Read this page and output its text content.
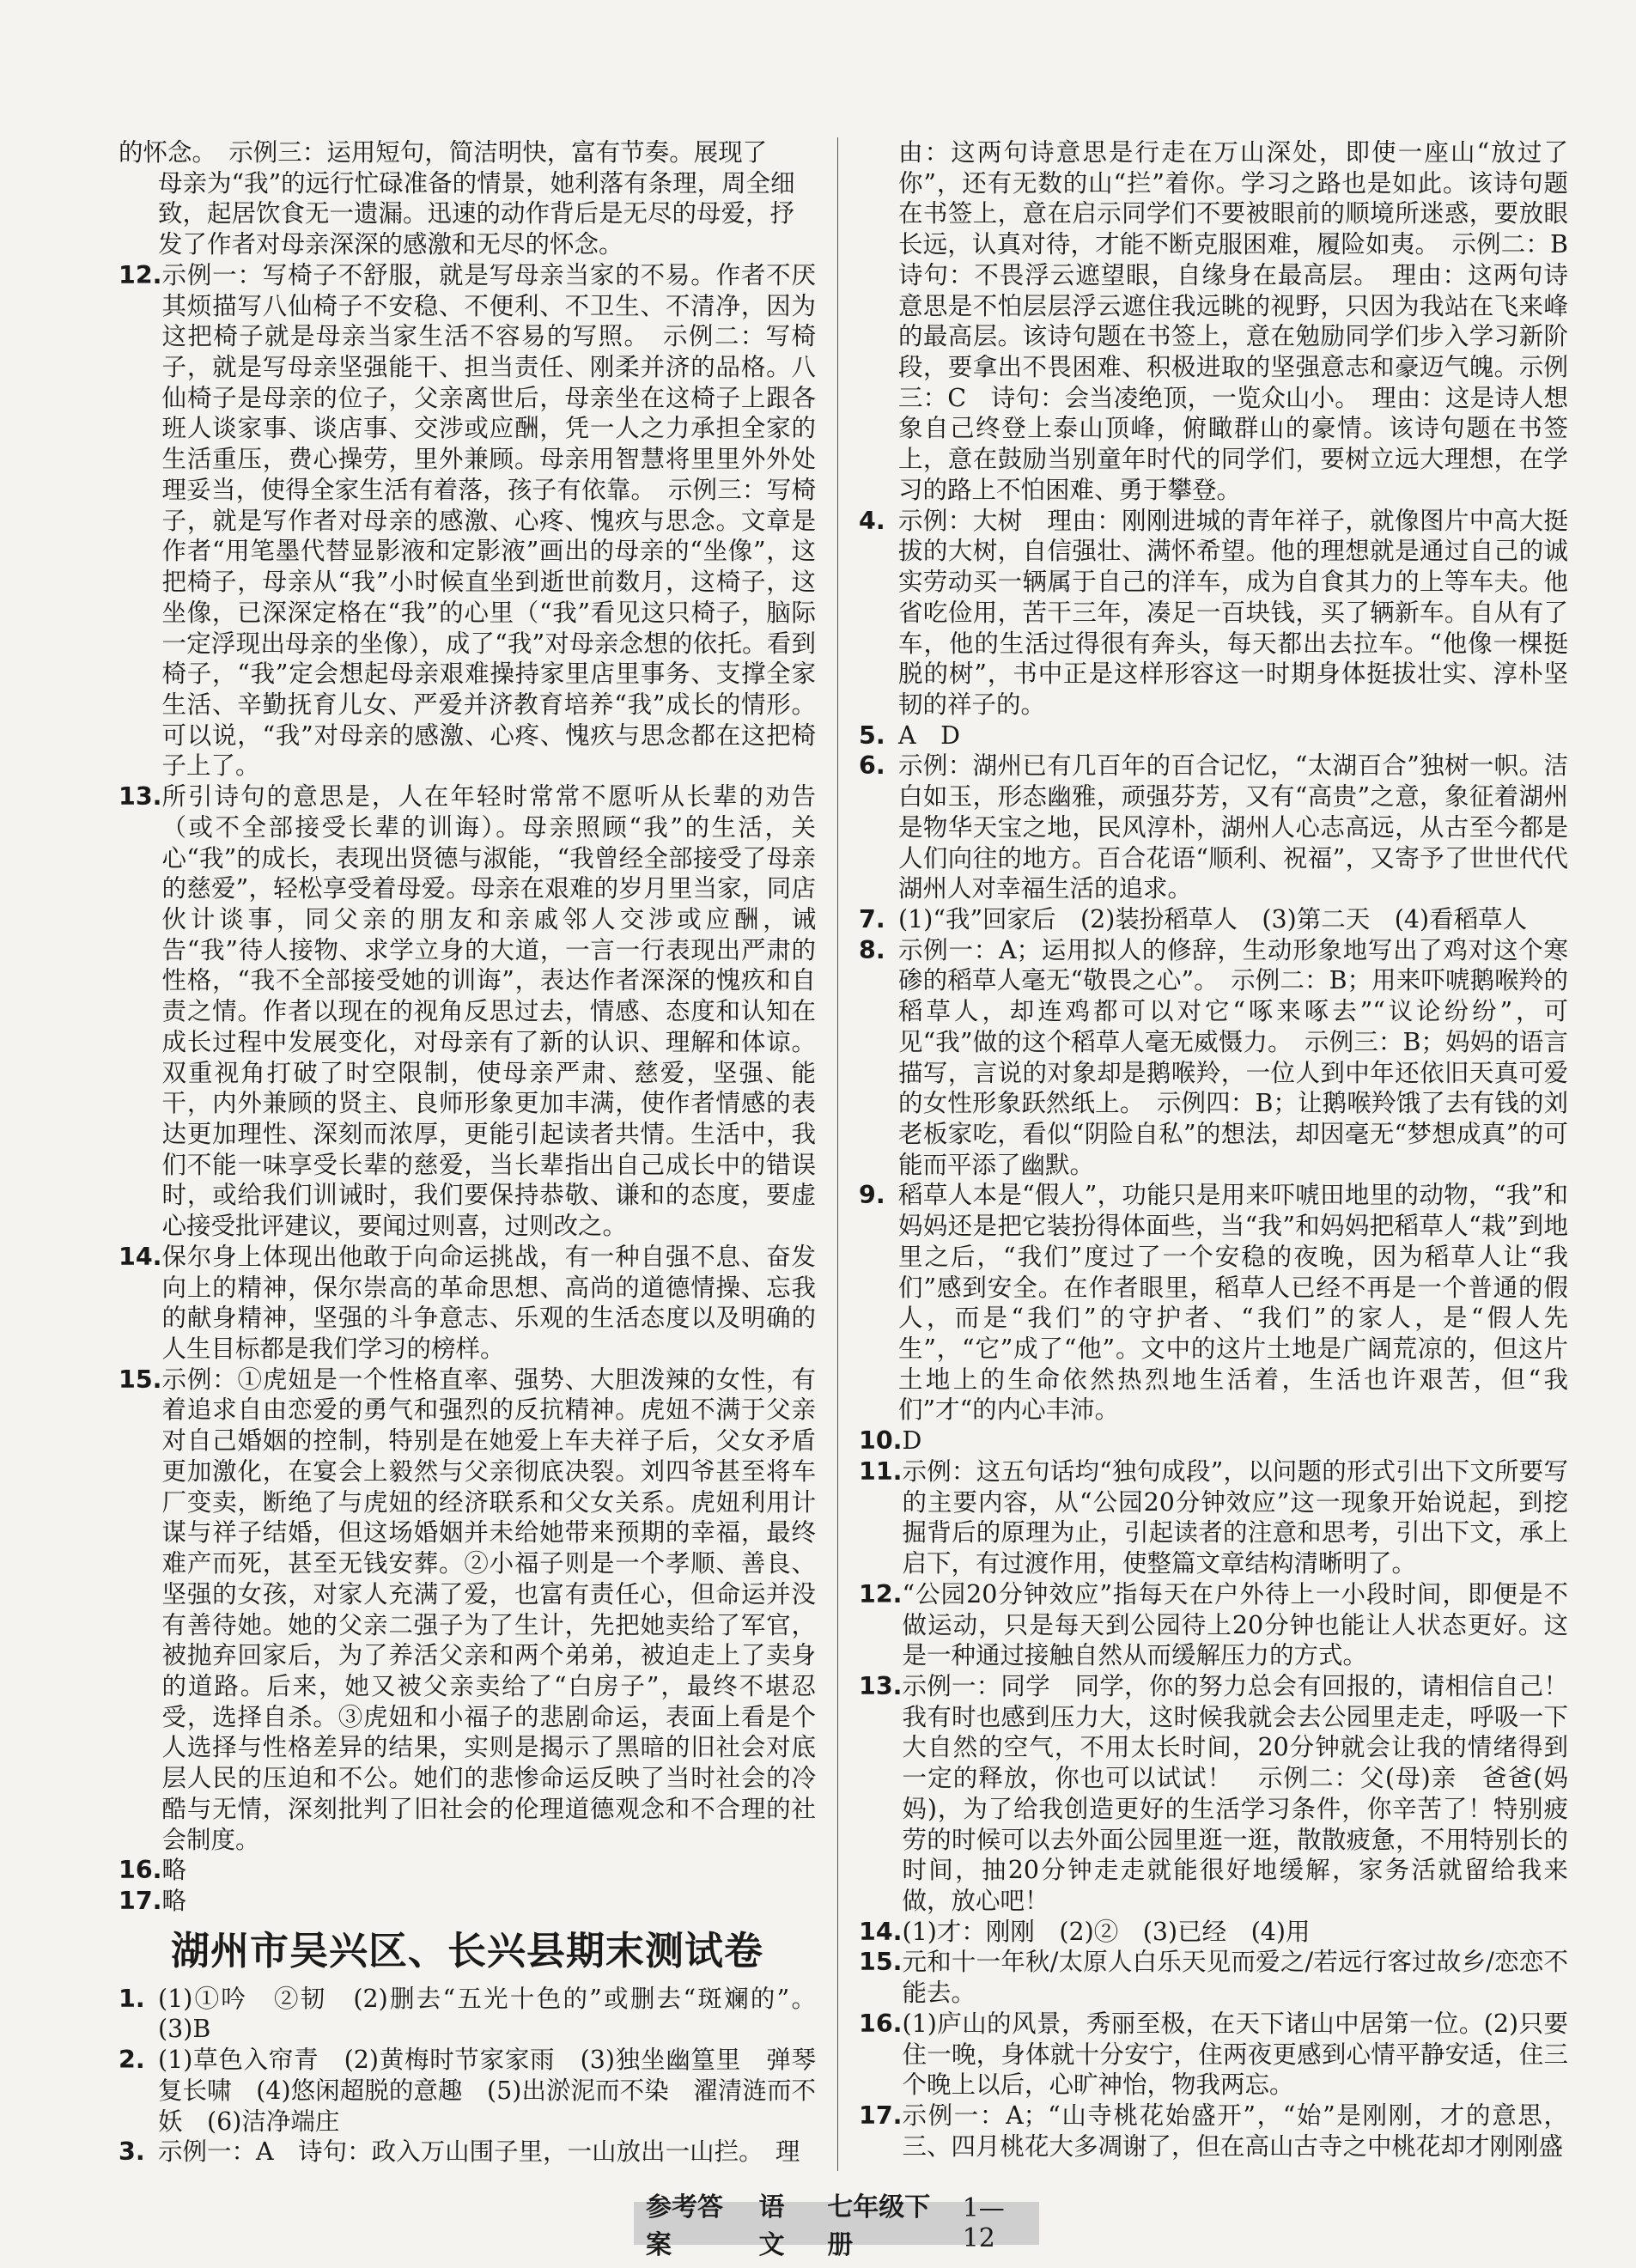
的怀念。　示例三：运用短句，简洁明快，富有节奏。展现了
母亲为“我”的远行忙碌准备的情景，她利落有条理，周全细
致，起居饮食无一遗漏。迅速的动作背后是无尽的母爱，抒
发了作者对母亲深深的感激和无尽的怀念。
12. 示例一：写椅子不舒服，就是写母亲当家的不易。作者不厌其烦描写八仙椅子不安稳、不便利、不卫生、不清净，因为这把椅子就是母亲当家生活不容易的写照。　示例二：写椅子，就是写母亲坚强能干、担当责任、刚柔并济的品格。八仙椅子是母亲的位子，父亲离世后，母亲坐在这椅子上跟各班人谈家事、谈店事、交涉或应酬，凭一人之力承担全家的生活重压，费心操劳，里外兼顾。母亲用智慧将里里外外处理妥当，使得全家生活有着落，孩子有依靠。　示例三：写椅子，就是写作者对母亲的感激、心疼、愧疚与思念。文章是作者“用笔墨代替显影液和定影液”画出的母亲的“坐像”，这把椅子，母亲从“我”小时候直坐到逝世前数月，这椅子，这坐像，已深深定格在“我”的心里（“我”看见这只椅子，脑际一定浮现出母亲的坐像），成了“我”对母亲念想的依托。看到椅子，“我”定会想起母亲艰难操持家里店里事务、支撑全家生活、辛勤抚育儿女、严爱并济教育培养“我”成长的情形。可以说，“我”对母亲的感激、心疼、愧疚与思念都在这把椅子上了。
13. 所引诗句的意思是，人在年轻时常常不愿听从长辈的劝告（或不全部接受长辈的训诲）。母亲照顾“我”的生活，关心“我”的成长，表现出贤德与淑能，“我曾经全部接受了母亲的慈爱”，轻松享受着母爱。母亲在艰难的岁月里当家，同店伙计谈事，同父亲的朋友和亲戚邻人交涉或应酬，诫告“我”待人接物、求学立身的大道，一言一行表现出严肃的性格，“我不全部接受她的训诲”，表达作者深深的愧疚和自责之情。作者以现在的视角反思过去，情感、态度和认知在成长过程中发展变化，对母亲有了新的认识、理解和体谅。双重视角打破了时空限制，使母亲严肃、慈爱，坚强、能干，内外兼顾的贤主、良师形象更加丰满，使作者情感的表达更加理性、深刻而浓厚，更能引起读者共情。生活中，我们不能一味享受长辈的慈爱，当长辈指出自己成长中的错误时，或给我们训诫时，我们要保持恭敬、谦和的态度，要虚心接受批评建议，要闻过则喜，过则改之。
14. 保尔身上体现出他敢于向命运挑战，有一种自强不息、奋发向上的精神，保尔崇高的革命思想、高尚的道德情操、忘我的献身精神，坚强的斗争意志、乐观的生活态度以及明确的人生目标都是我们学习的榜样。
15. 示例：①虎妞是一个性格直率、强势、大胆泼辣的女性，有着追求自由恋爱的勇气和强烈的反抗精神。虎妞不满于父亲对自己婚姻的控制，特别是在她爱上车夫祥子后，父女矛盾更加激化，在宴会上毅然与父亲彻底决裂。刘四爷甚至将车厂变卖，断绝了与虎妞的经济联系和父女关系。虎妞利用计谋与祥子结婚，但这场婚姻并未给她带来预期的幸福，最终难产而死，甚至无钱安葬。②小福子则是一个孝顺、善良、坚强的女孩，对家人充满了爱，也富有责任心，但命运并没有善待她。她的父亲二强子为了生计，先把她卖给了军官，被抛弃回家后，为了养活父亲和两个弟弟，被迫走上了卖身的道路。后来，她又被父亲卖给了“白房子”，最终不堪忍受，选择自杀。③虎妞和小福子的悲剧命运，表面上看是个人选择与性格差异的结果，实则是揭示了黑暗的旧社会对底层人民的压迫和不公。她们的悲惨命运反映了当时社会的冷酷与无情，深刻批判了旧社会的伦理道德观念和不合理的社会制度。
16. 略
17. 略
湖州市吴兴区、长兴县期末测试卷
1. (1)①吟　②韧　(2)删去“五光十色的”或删去“斑斓的”。(3)B
2. (1)草色入帘青　(2)黄梅时节家家雨　(3)独坐幽篁里　弹琴复长啸　(4)悠闲超脱的意趣　(5)出淤泥而不染　濯清涟而不妖　(6)洁净端庄
3. 示例一：A　诗句：政入万山围子里，一山放出一山拦。　理
由：这两句诗意思是行走在万山深处，即使一座山“放过了你”，还有无数的山“拦”着你。学习之路也是如此。该诗句题在书签上，意在启示同学们不要被眼前的顺境所迷惑，要放眼长远，认真对待，才能不断克服困难，履险如夷。　示例二：B　诗句：不畏浮云遮望眼，自缘身在最高层。　理由：这两句诗意思是不怕层层浮云遮住我远眺的视野，只因为我站在飞来峰的最高层。该诗句题在书签上，意在勉励同学们步入学习新阶段，要拿出不畏困难、积极进取的坚强意志和豪迈气魄。示例三：C　诗句：会当凌绝顶，一览众山小。　理由：这是诗人想象自己终登上泰山顶峰，俯瞰群山的豪情。该诗句题在书签上，意在鼓励当别童年时代的同学们，要树立远大理想，在学习的路上不怕困难、勇于攀登。
4. 示例：大树　理由：刚刚进城的青年祥子，就像图片中高大挺拔的大树，自信强壮、满怀希望。他的理想就是通过自己的诚实劳动买一辆属于自己的洋车，成为自食其力的上等车夫。他省吃俭用，苦干三年，凑足一百块钱，买了辆新车。自从有了车，他的生活过得很有奔头，每天都出去拉车。“他像一棵挺脱的树”，书中正是这样形容这一时期身体挺拔壮实、淳朴坚韧的祥子的。
5. A　D
6. 示例：湖州已有几百年的百合记忆，“太湖百合”独树一帜。洁白如玉，形态幽雅，顽强芬芳，又有“高贵”之意，象征着湖州是物华天宝之地，民风淳朴，湖州人心志高远，从古至今都是人们向往的地方。百合花语“顺利、祝福”，又寄予了世世代代湖州人对幸福生活的追求。
7. (1)“我”回家后　(2)装扮稻草人　(3)第二天　(4)看稻草人
8. 示例一：A；运用拟人的修辞，生动形象地写出了鸡对这个寒碜的稻草人毫无“敬畏之心”。　示例二：B；用来吓唬鹅喉羚的稻草人，却连鸡都可以对它“啄来啄去”“议论纷纷”，可见“我”做的这个稻草人毫无威慑力。　示例三：B；妈妈的语言描写，言说的对象却是鹅喉羚，一位人到中年还依旧天真可爱的女性形象跃然纸上。　示例四：B；让鹅喉羚饿了去有钱的刘老板家吃，看似“阴险自私”的想法，却因毫无“梦想成真”的可能而平添了幽默。
9. 稻草人本是“假人”，功能只是用来吓唬田地里的动物，“我”和妈妈还是把它装扮得体面些，当“我”和妈妈把稻草人“栽”到地里之后，“我们”度过了一个安稳的夜晚，因为稻草人让“我们”感到安全。在作者眼里，稻草人已经不再是一个普通的假人，而是“我们”的守护者、“我们”的家人，是“假人先生”，“它”成了“他”。文中的这片土地是广阔荒凉的，但这片土地上的生命依然热烈地生活着，生活也许艰苦，但“我们”才“的内心丰沛。
10. D
11. 示例：这五句话均“独句成段”，以问题的形式引出下文所要写的主要内容，从“公园20分钟效应”这一现象开始说起，到挖掘背后的原理为止，引起读者的注意和思考，引出下文，承上启下，有过渡作用，使整篇文章结构清晰明了。
12. “公园20分钟效应”指每天在户外待上一小段时间，即便是不做运动，只是每天到公园待上20分钟也能让人状态更好。这是一种通过接触自然从而缓解压力的方式。
13. 示例一：同学　同学，你的努力总会有回报的，请相信自己！我有时也感到压力大，这时候我就会去公园里走走，呼吸一下大自然的空气，不用太长时间，20分钟就会让我的情绪得到一定的释放，你也可以试试！　示例二：父(母)亲　爸爸(妈妈)，为了给我创造更好的生活学习条件，你辛苦了！特别疲劳的时候可以去外面公园里逛一逛，散散疲惫，不用特别长的时间，抽20分钟走走就能很好地缓解，家务活就留给我来做，放心吧！
14. (1)才：刚刚　(2)②　(3)已经　(4)用
15. 元和十一年秋/太原人白乐天见而爱之/若远行客过故乡/恋恋不能去。
16. (1)庐山的风景，秀丽至极，在天下诸山中居第一位。(2)只要住一晚，身体就十分安宁，住两夜更感到心情平静安适，住三个晚上以后，心旷神怡，物我两忘。
17. 示例一：A；“山寺桃花始盛开”，“始”是刚刚，才的意思，三、四月桃花大多凋谢了，但在高山古寺之中桃花却才刚刚盛
参考答案
语文
七年级下册
1—12
